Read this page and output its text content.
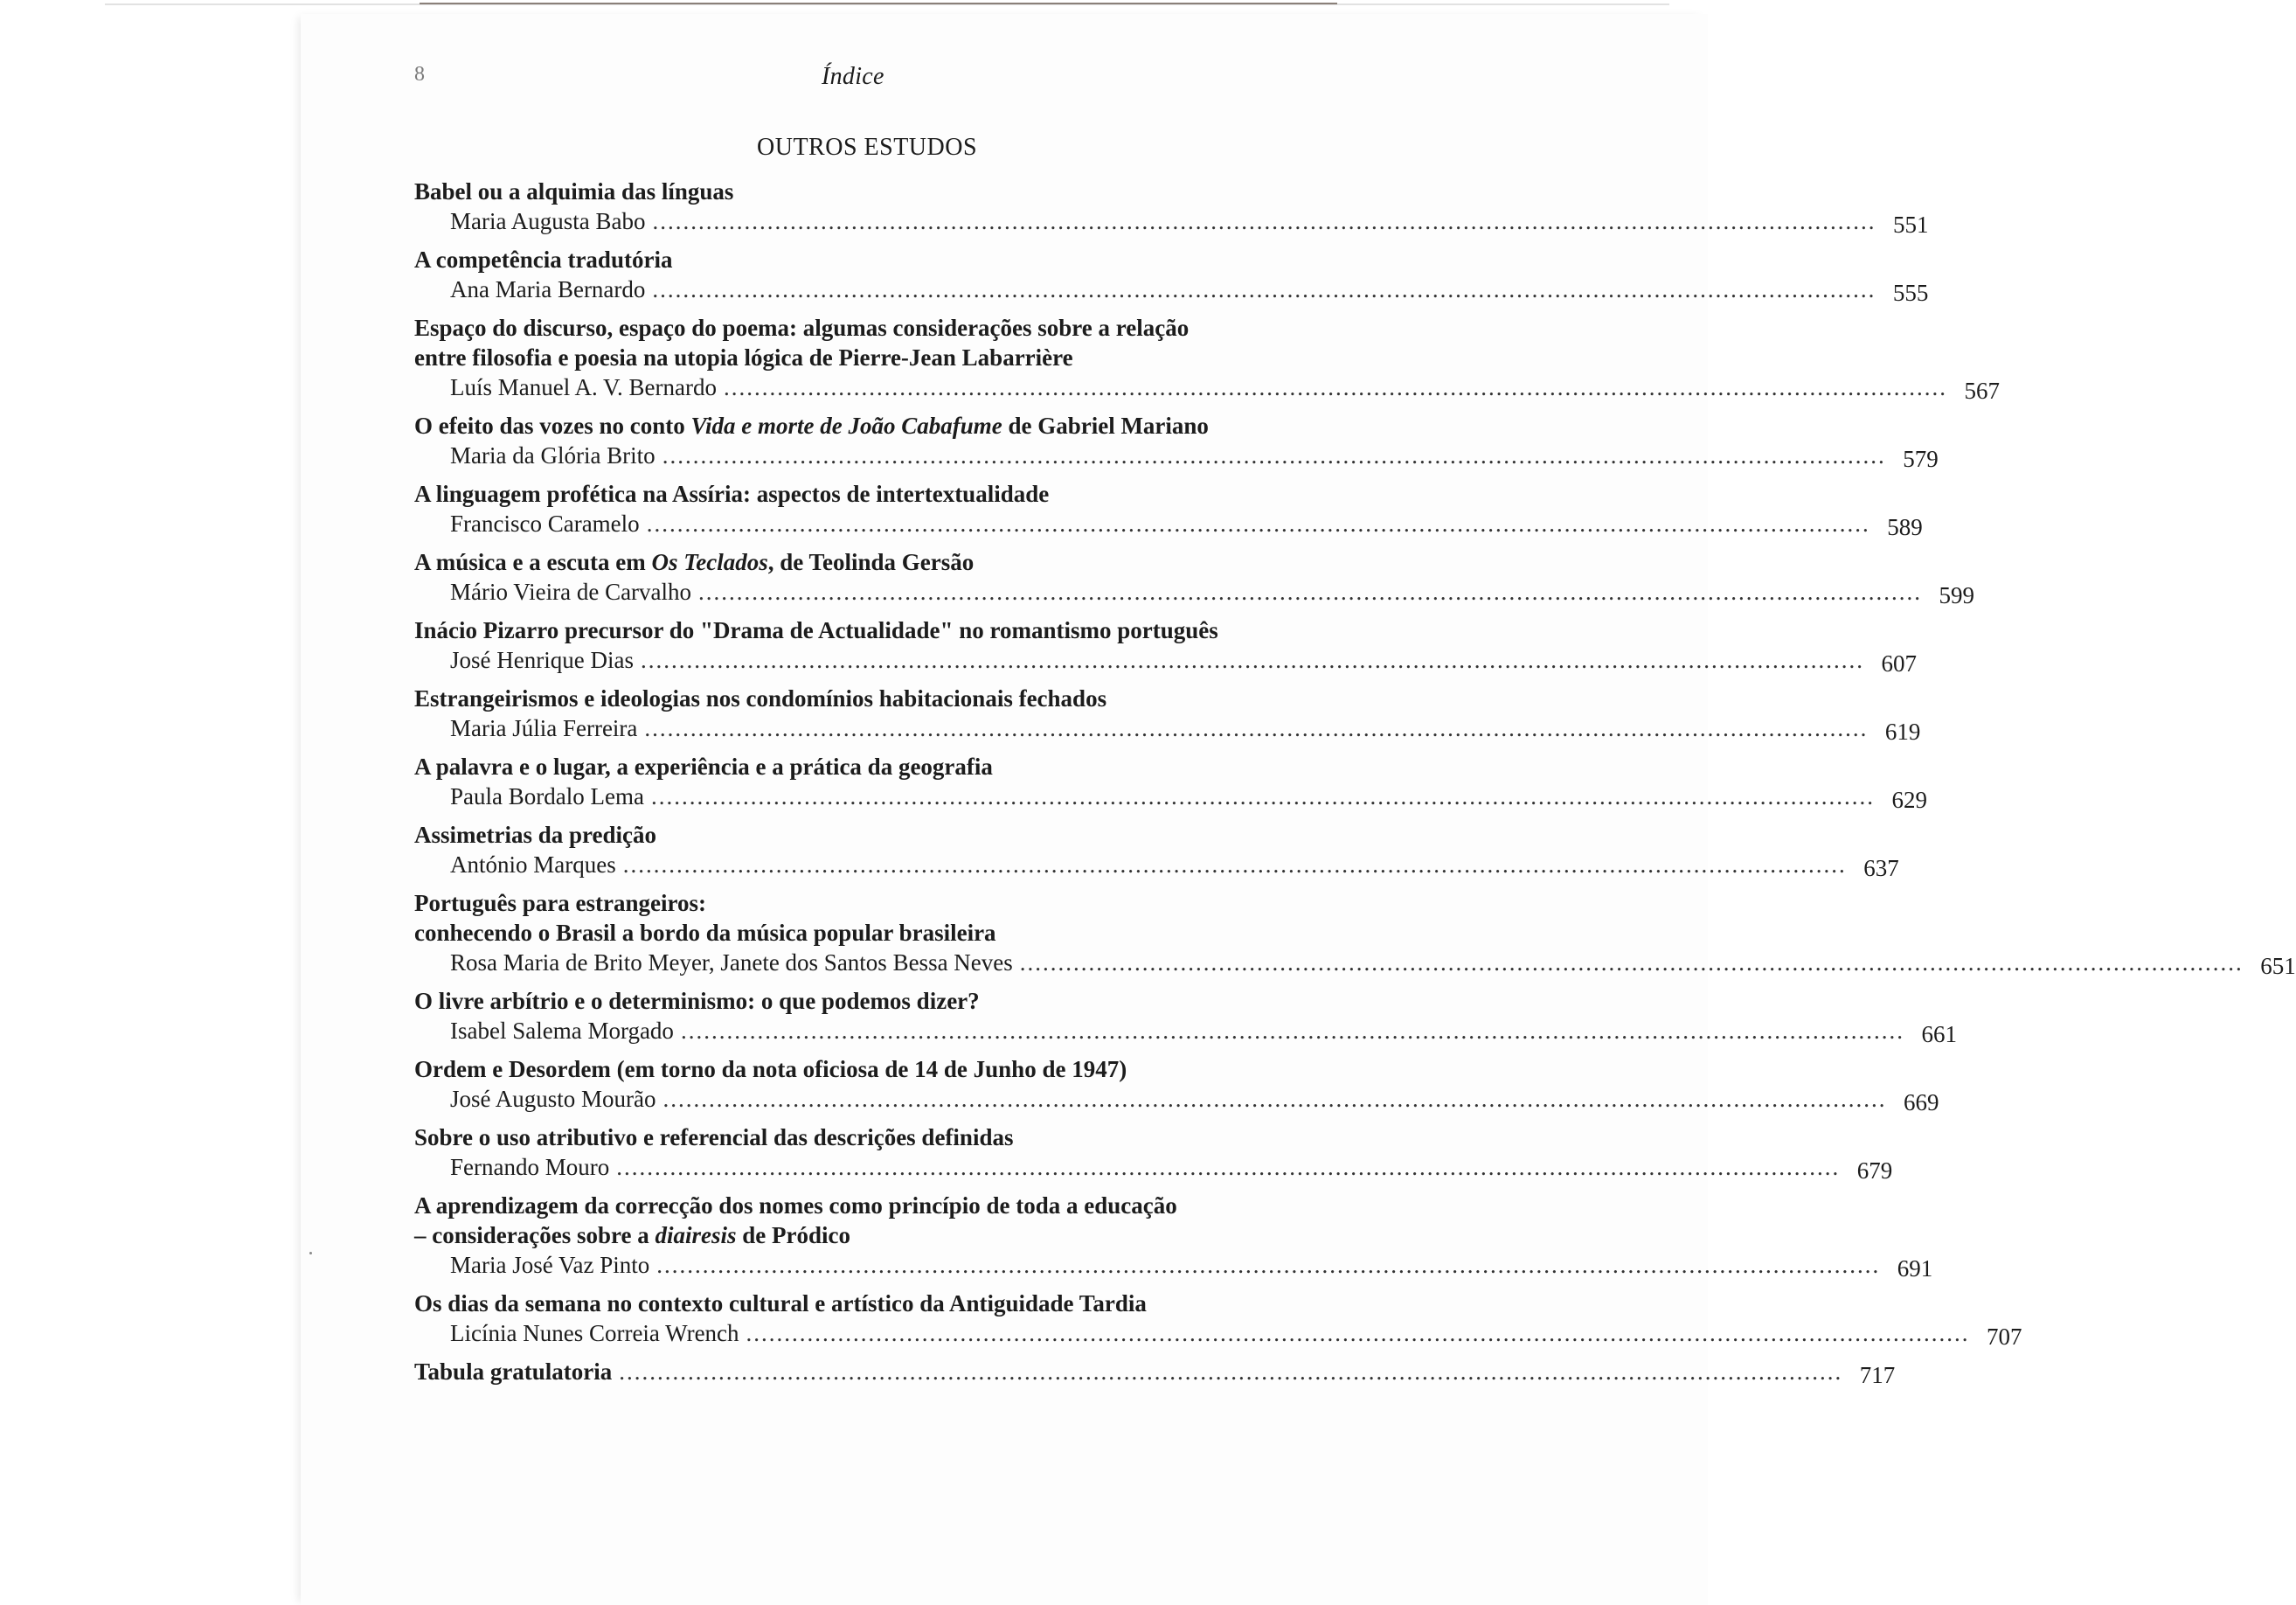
8	Índice
OUTROS ESTUDOS
Babel ou a alquimia das línguas
Maria Augusta Babo ................................................................................................................................................................ 551
A competência tradutória
Ana Maria Bernardo ................................................................................................................................................................ 555
Espaço do discurso, espaço do poema: algumas considerações sobre a relação
entre filosofia e poesia na utopia lógica de Pierre-Jean Labarrière
Luís Manuel A. V. Bernardo ................................................................................................................................................................ 567
O efeito das vozes no conto Vida e morte de João Cabafume de Gabriel Mariano
Maria da Glória Brito ................................................................................................................................................................ 579
A linguagem profética na Assíria: aspectos de intertextualidade
Francisco Caramelo ................................................................................................................................................................ 589
A música e a escuta em Os Teclados, de Teolinda Gersão
Mário Vieira de Carvalho ................................................................................................................................................................ 599
Inácio Pizarro precursor do "Drama de Actualidade" no romantismo português
José Henrique Dias ................................................................................................................................................................ 607
Estrangeirismos e ideologias nos condomínios habitacionais fechados
Maria Júlia Ferreira ................................................................................................................................................................ 619
A palavra e o lugar, a experiência e a prática da geografia
Paula Bordalo Lema ................................................................................................................................................................ 629
Assimetrias da predição
António Marques ................................................................................................................................................................ 637
Português para estrangeiros:
conhecendo o Brasil a bordo da música popular brasileira
Rosa Maria de Brito Meyer, Janete dos Santos Bessa Neves ................................................................................................................................................................ 651
O livre arbítrio e o determinismo: o que podemos dizer?
Isabel Salema Morgado ................................................................................................................................................................ 661
Ordem e Desordem (em torno da nota oficiosa de 14 de Junho de 1947)
José Augusto Mourão ................................................................................................................................................................ 669
Sobre o uso atributivo e referencial das descrições definidas
Fernando Mouro ................................................................................................................................................................ 679
A aprendizagem da correcção dos nomes como princípio de toda a educação
– considerações sobre a diairesis de Pródico
Maria José Vaz Pinto ................................................................................................................................................................ 691
Os dias da semana no contexto cultural e artístico da Antiguidade Tardia
Licínia Nunes Correia Wrench ................................................................................................................................................................ 707
Tabula gratulatoria ................................................................................................................................................................ 717
